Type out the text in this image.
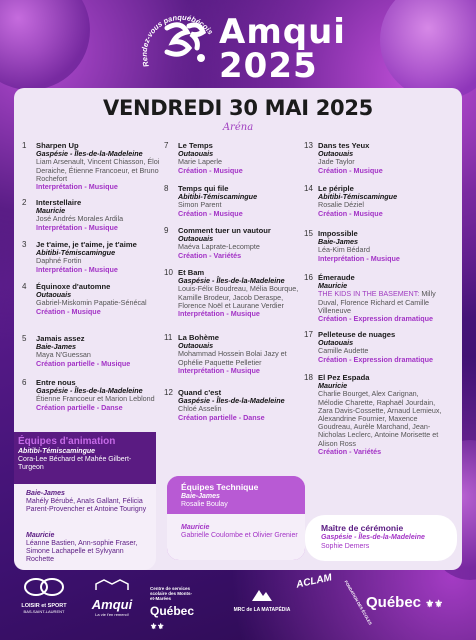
Rendez-vous panquébécois Amqui
2025
VENDREDI 30 MAI 2025
Aréna
1 Sharpen Up
Gaspésie - Îles-de-la-Madeleine
Liam Arsenault, Vincent Chiasson, Éloi Deraiche, Étienne Francoeur, et Bruno Rochefort
Interprétation - Musique
2 Interstellaire
Mauricie
José Andrés Morales Ardila
Interprétation - Musique
3 Je t'aime, je t'aime, je t'aime
Abitibi-Témiscamingue
Daphné Fortin
Interprétation - Musique
4 Équinoxe d'automne
Outaouais
Gabriel-Miskomin Papatie-Sénécal
Création - Musique
5 Jamais assez
Baie-James
Maya N'Guessan
Création partielle - Musique
6 Entre nous
Gaspésie - Îles-de-la-Madeleine
Étienne Francoeur et Marion Leblond
Création partielle - Danse
7 Le Temps
Outaouais
Marie Laperle
Création - Musique
8 Temps qui file
Abitibi-Témiscamingue
Simon Parent
Création - Musique
9 Comment tuer un vautour
Outaouais
Maéva Laprate-Lecompte
Création - Variétés
10 Et Bam
Gaspésie - Îles-de-la-Madeleine
Louis-Félix Boudreau, Mélia Bourque, Kamille Brodeur, Jacob Deraspe, Florence Noël et Laurane Verdier
Interprétation - Musique
11 La Bohème
Outaouais
Mohammad Hossein Bolai Jazy et Ophélie Paquette Pelletier
Interprétation - Musique
12 Quand c'est
Gaspésie - Îles-de-la-Madeleine
Chloé Asselin
Création partielle - Danse
13 Dans tes Yeux
Outaouais
Jade Taylor
Création - Musique
14 Le périple
Abitibi-Témiscamingue
Rosalie Déziel
Création - Musique
15 Impossible
Baie-James
Léa-Kim Bédard
Interprétation - Musique
16 Émeraude
Mauricie
THE KIDS IN THE BASEMENT: Milly Duval, Florence Richard et Camille Villeneuve
Création - Expression dramatique
17 Pelleteuse de nuages
Outaouais
Camille Audette
Création - Expression dramatique
18 El Pez Espada
Mauricie
Charlie Bourget, Alex Carignan, Mélodie Charette, Raphaël Jourdain, Zara Davis-Cossette, Arnaud Lemieux, Alexandrine Fournier, Maxence Goudreau, Aurèle Marchand, Jean-Nicholas Leclerc, Antoine Morisette et Alison Ross
Création - Variétés
Équipes d'animation
Abitibi-Témiscamingue
Cora-Lee Béchard et Mahée Gilbert-Turgeon
Baie-James
Mahély Bérubé, Anaïs Gallant, Félicia Parent-Provencher et Antoine Tourigny
Mauricie
Léanne Bastien, Ann-sophie Fraser, Simone Lachapelle et Sylvyann Rochette
Équipes Technique
Baie-James
Rosalie Boulay
Mauricie
Gabrielle Coulombe et Olivier Grenier
Maître de cérémonie
Gaspésie - Îles-de-la-Madeleine
Sophie Demers
LOISIR et SPORT
BAS-SAINT-LAURENT	Amqui
La vie t'en remerci!
Centre de services scolaire des Monts-et-Marées
Québec ⚜⚜
MRC de LA MATAPÉDIA
ACLAM	FONDATION DES ÉCOLES
Québec ⚜⚜
